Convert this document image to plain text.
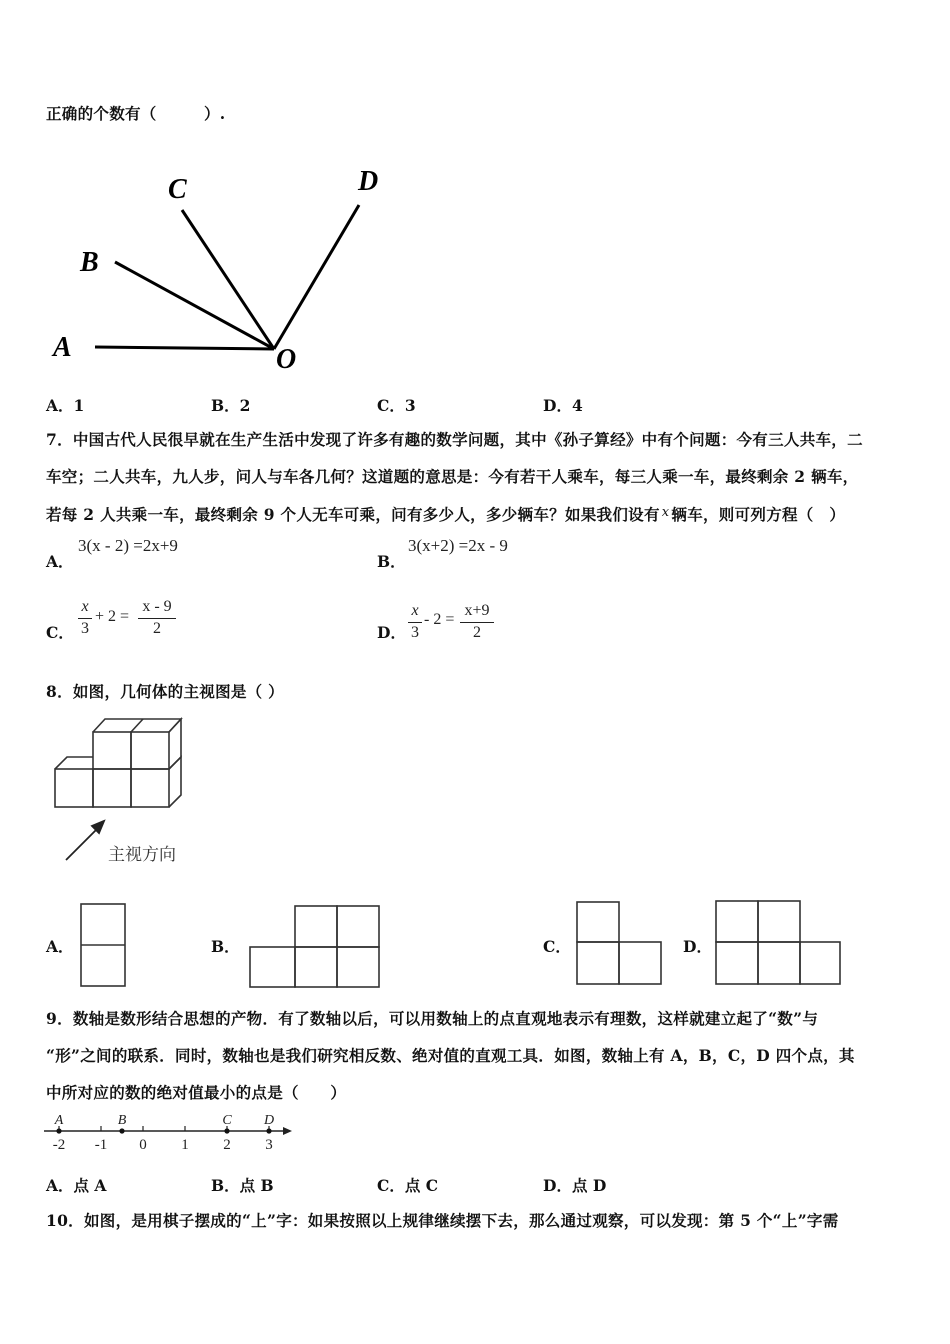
正确的个数有（　　　）.
A
B
C	D
O
A．1	B．2	C．3	D．4
7．中国古代人民很早就在生产生活中发现了许多有趣的数学问题，其中《孙子算经》中有个问题：今有三人共车，二
车空；二人共车，九人步，问人与车各几何？这道题的意思是：今有若干人乘车，每三人乘一车，最终剩余 2 辆车，
若每 2 人共乘一车，最终剩余 9 个人无车可乘，问有多少人，多少辆车？如果我们设有 $^x$ 辆车，则可列方程（　）
A．
3(x - 2) =2x+9
B．
3(x+2) =2x - 9
C．
x
3
+ 2 =
x - 9
2	D．
x
3
- 2 =
x+9
2
8．如图，几何体的主视图是（ ）
主视方向
A．	B．	C．	D．
9．数轴是数形结合思想的产物．有了数轴以后，可以用数轴上的点直观地表示有理数，这样就建立起了“数”与
“形”之间的联系．同时，数轴也是我们研究相反数、绝对值的直观工具．如图，数轴上有 A，B，C，D 四个点，其
中所对应的数的绝对值最小的点是（　　）
-2 -1 0 1 2 3
A	B	C D
A．点 A	B．点 B	C．点 C	D．点 D
10．如图，是用棋子摆成的“上”字：如果按照以上规律继续摆下去，那么通过观察，可以发现：第 5 个“上”字需
